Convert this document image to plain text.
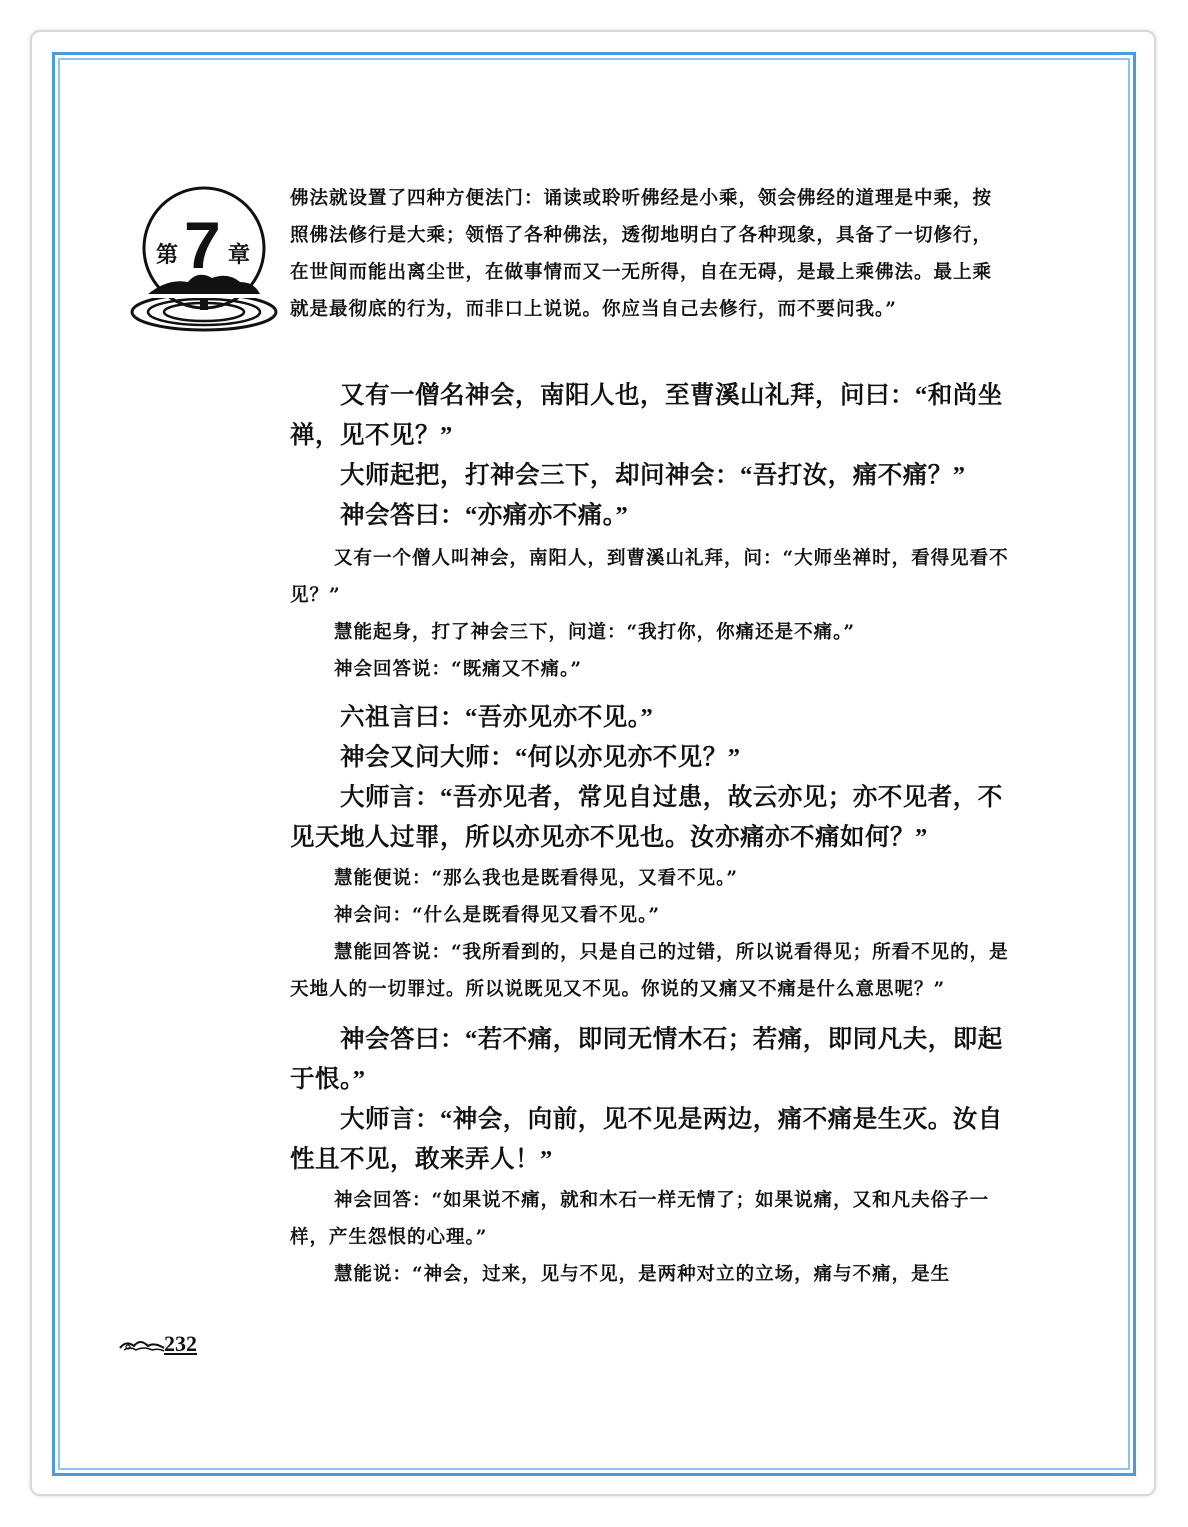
第 7 章

佛法就设置了四种方便法门：诵读或聆听佛经是小乘，领会佛经的道理是中乘，按照佛法修行是大乘；领悟了各种佛法，透彻地明白了各种现象，具备了一切修行，在世间而能出离尘世，在做事情而又一无所得，自在无碍，是最上乘佛法。最上乘就是最彻底的行为，而非口上说说。你应当自己去修行，而不要问我。”

又有一僧名神会，南阳人也，至曹溪山礼拜，问曰：“和尚坐禅，见不见？”

大师起把，打神会三下，却问神会：“吾打汝，痛不痛？”

神会答曰：“亦痛亦不痛。”

又有一个僧人叫神会，南阳人，到曹溪山礼拜，问：“大师坐禅时，看得见看不见？”

慧能起身，打了神会三下，问道：“我打你，你痛还是不痛。”

神会回答说：“既痛又不痛。”

六祖言曰：“吾亦见亦不见。”

神会又问大师：“何以亦见亦不见？”

大师言：“吾亦见者，常见自过患，故云亦见；亦不见者，不见天地人过罪，所以亦见亦不见也。汝亦痛亦不痛如何？”

慧能便说：“那么我也是既看得见，又看不见。”

神会问：“什么是既看得见又看不见。”

慧能回答说：“我所看到的，只是自己的过错，所以说看得见；所看不见的，是天地人的一切罪过。所以说既见又不见。你说的又痛又不痛是什么意思呢？”

神会答曰：“若不痛，即同无情木石；若痛，即同凡夫，即起于恨。”

大师言：“神会，向前，见不见是两边，痛不痛是生灭。汝自性且不见，敢来弄人！”

神会回答：“如果说不痛，就和木石一样无情了；如果说痛，又和凡夫俗子一样，产生怨恨的心理。”

慧能说：“神会，过来，见与不见，是两种对立的立场，痛与不痛，是生

232
